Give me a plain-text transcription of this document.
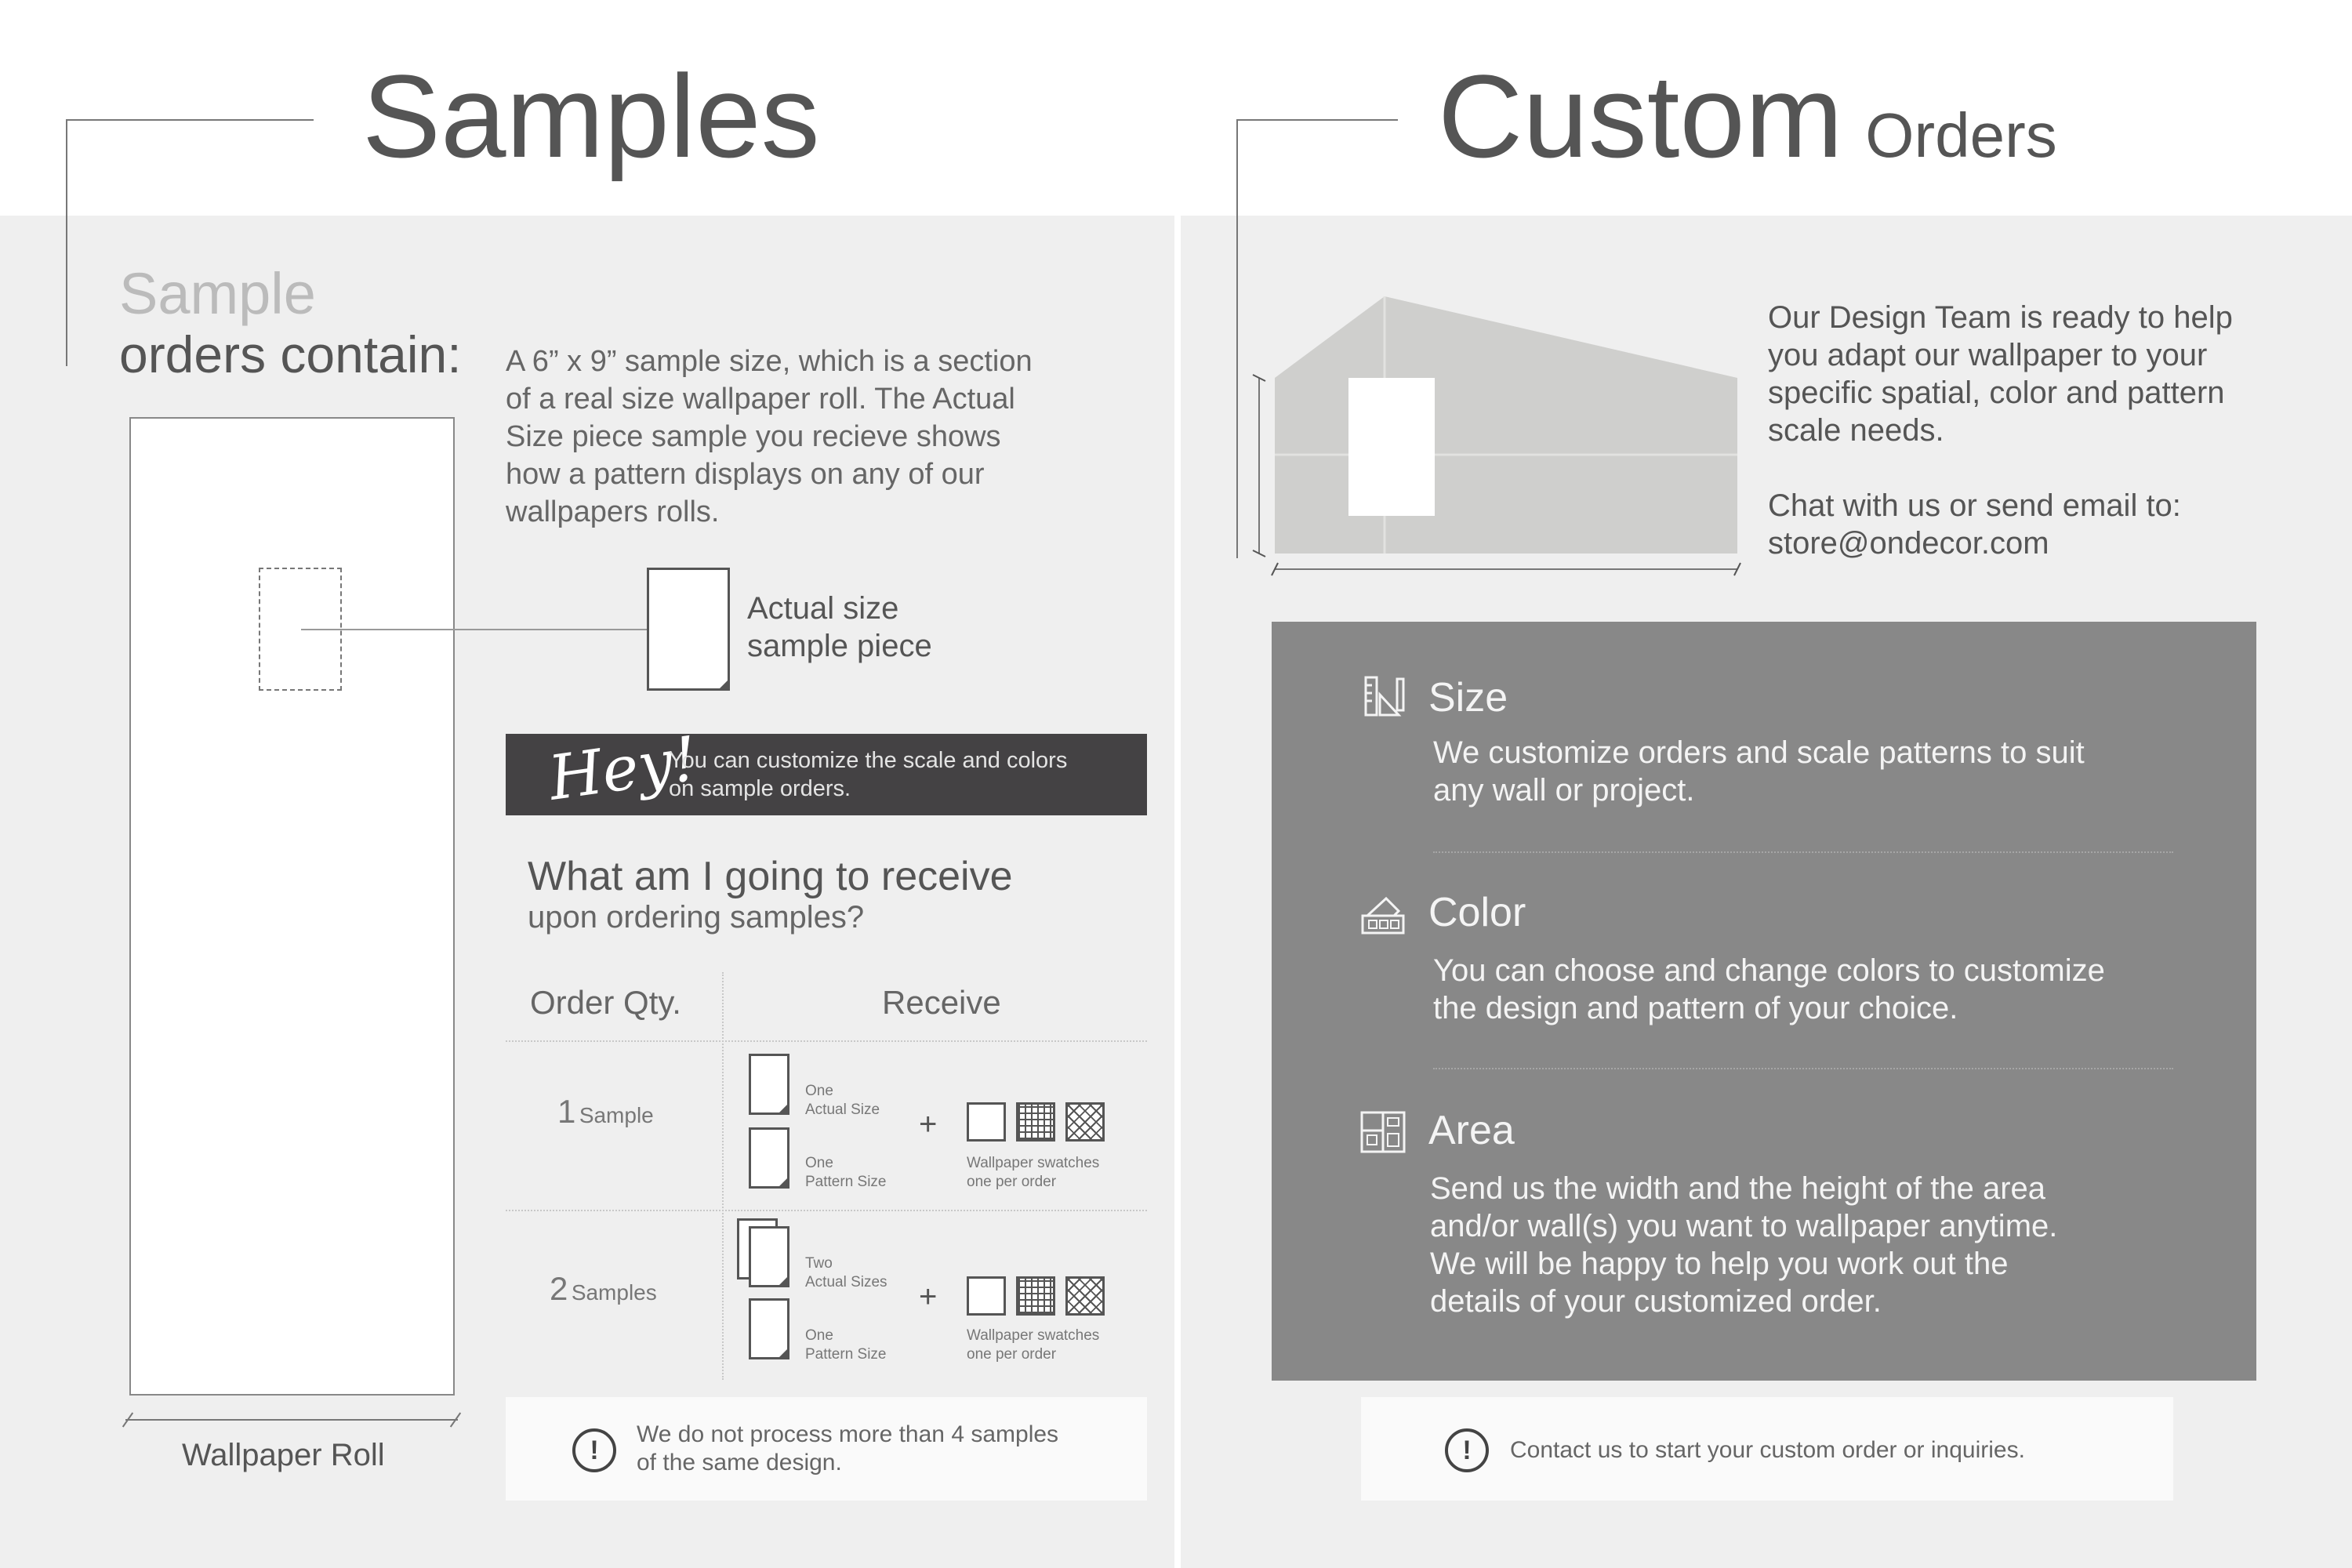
Samples
Sample
orders contain: A 6” x 9” sample size, which is a section
of a real size wallpaper roll. The Actual
Size piece sample you recieve shows
how a pattern displays on any of our
wallpapers rolls.
Wallpaper Roll
Actual size
sample piece
Hey!
You can customize the scale and colors
on sample orders.
What am I going to receive
upon ordering samples?
Order Qty.	Receive
1 Sample
One
Actual Size
One
Pattern Size
+
Wallpaper swatches
one per order
2 Samples
Two
Actual Sizes
One
Pattern Size
+
Wallpaper swatches
one per order
!
We do not process more than 4 samples
of the same design.
Custom Orders
Our Design Team is ready to help
you adapt our wallpaper to your
specific spatial, color and pattern
scale needs.
Chat with us or send email to:
store@ondecor.com
Size
We customize orders and scale patterns to suit
any wall or project.
Color
You can choose and change colors to customize
the design and pattern of your choice.
Area
Send us the width and the height of the area
and/or wall(s) you want to wallpaper anytime.
We will be happy to help you work out the
details of your customized order.
!	Contact us to start your custom order or inquiries.
